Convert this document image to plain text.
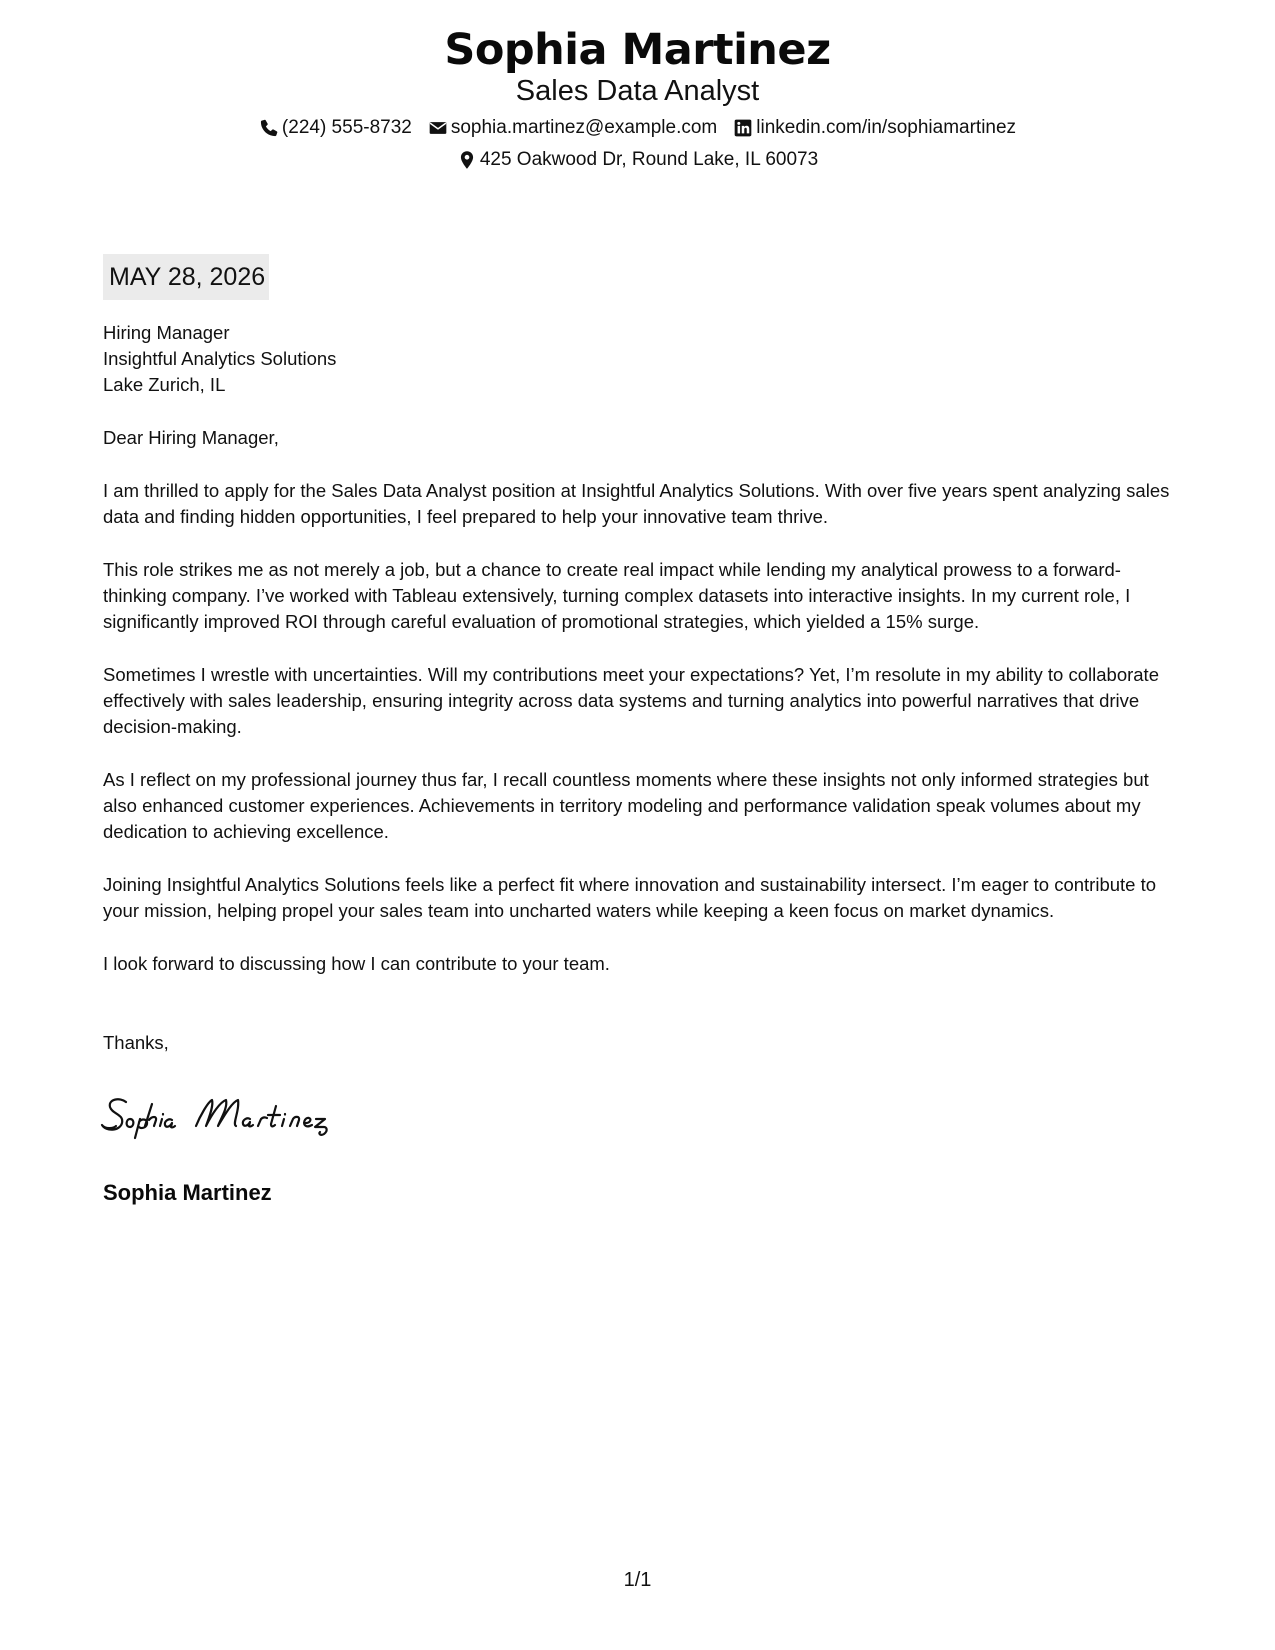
Sophia Martinez
Sales Data Analyst
(224) 555-8732 sophia.martinez@example.com linkedin.com/in/sophiamartinez
425 Oakwood Dr, Round Lake, IL 60073
MAY 28, 2026
Hiring Manager
Insightful Analytics Solutions
Lake Zurich, IL
Dear Hiring Manager,
I am thrilled to apply for the Sales Data Analyst position at Insightful Analytics Solutions. With over five years spent analyzing sales data and finding hidden opportunities, I feel prepared to help your innovative team thrive.
This role strikes me as not merely a job, but a chance to create real impact while lending my analytical prowess to a forward-thinking company. I’ve worked with Tableau extensively, turning complex datasets into interactive insights. In my current role, I significantly improved ROI through careful evaluation of promotional strategies, which yielded a 15% surge.
Sometimes I wrestle with uncertainties. Will my contributions meet your expectations? Yet, I’m resolute in my ability to collaborate effectively with sales leadership, ensuring integrity across data systems and turning analytics into powerful narratives that drive decision-making.
As I reflect on my professional journey thus far, I recall countless moments where these insights not only informed strategies but also enhanced customer experiences. Achievements in territory modeling and performance validation speak volumes about my dedication to achieving excellence.
Joining Insightful Analytics Solutions feels like a perfect fit where innovation and sustainability intersect. I’m eager to contribute to your mission, helping propel your sales team into uncharted waters while keeping a keen focus on market dynamics.
I look forward to discussing how I can contribute to your team.
Thanks,
Sophia Martinez
1/1
